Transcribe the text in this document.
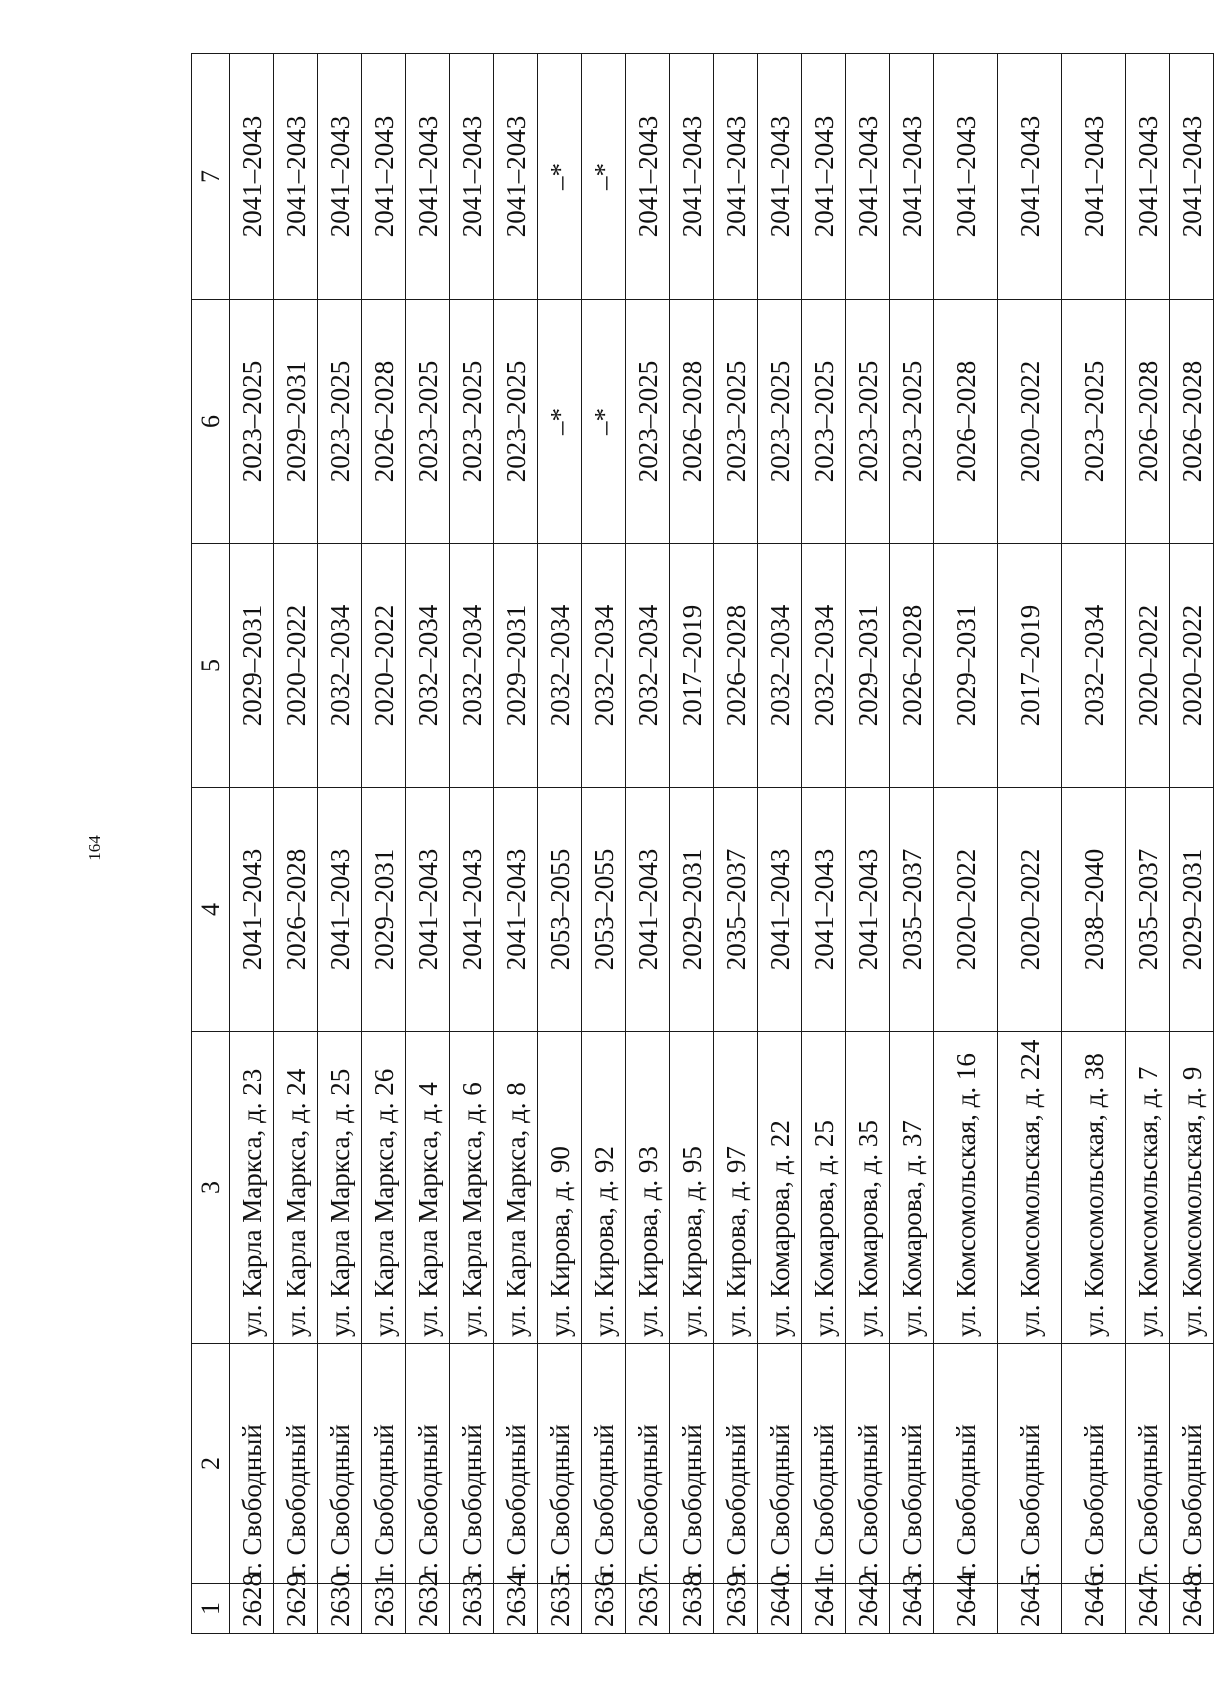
164
1	2	3	4	5	6	7
2628	г. Свободный	ул. Карла Маркса, д. 23	2041–2043	2029–2031	2023–2025	2041–2043
2629	г. Свободный	ул. Карла Маркса, д. 24	2026–2028	2020–2022	2029–2031	2041–2043
2630	г. Свободный	ул. Карла Маркса, д. 25	2041–2043	2032–2034	2023–2025	2041–2043
2631	г. Свободный	ул. Карла Маркса, д. 26	2029–2031	2020–2022	2026–2028	2041–2043
2632	г. Свободный	ул. Карла Маркса, д. 4	2041–2043	2032–2034	2023–2025	2041–2043
2633	г. Свободный	ул. Карла Маркса, д. 6	2041–2043	2032–2034	2023–2025	2041–2043
2634	г. Свободный	ул. Карла Маркса, д. 8	2041–2043	2029–2031	2023–2025	2041–2043
2635	г. Свободный	ул. Кирова, д. 90	2053–2055	2032–2034	–*	–*
2636	г. Свободный	ул. Кирова, д. 92	2053–2055	2032–2034	–*	–*
2637	г. Свободный	ул. Кирова, д. 93	2041–2043	2032–2034	2023–2025	2041–2043
2638	г. Свободный	ул. Кирова, д. 95	2029–2031	2017–2019	2026–2028	2041–2043
2639	г. Свободный	ул. Кирова, д. 97	2035–2037	2026–2028	2023–2025	2041–2043
2640	г. Свободный	ул. Комарова, д. 22	2041–2043	2032–2034	2023–2025	2041–2043
2641	г. Свободный	ул. Комарова, д. 25	2041–2043	2032–2034	2023–2025	2041–2043
2642	г. Свободный	ул. Комарова, д. 35	2041–2043	2029–2031	2023–2025	2041–2043
2643	г. Свободный	ул. Комарова, д. 37	2035–2037	2026–2028	2023–2025	2041–2043
2644	г. Свободный	ул. Комсомольская, д. 16	2020–2022	2029–2031	2026–2028	2041–2043
2645	г. Свободный	ул. Комсомольская, д. 224	2020–2022	2017–2019	2020–2022	2041–2043
2646	г. Свободный	ул. Комсомольская, д. 38	2038–2040	2032–2034	2023–2025	2041–2043
2647	г. Свободный	ул. Комсомольская, д. 7	2035–2037	2020–2022	2026–2028	2041–2043
2648	г. Свободный	ул. Комсомольская, д. 9	2029–2031	2020–2022	2026–2028	2041–2043
